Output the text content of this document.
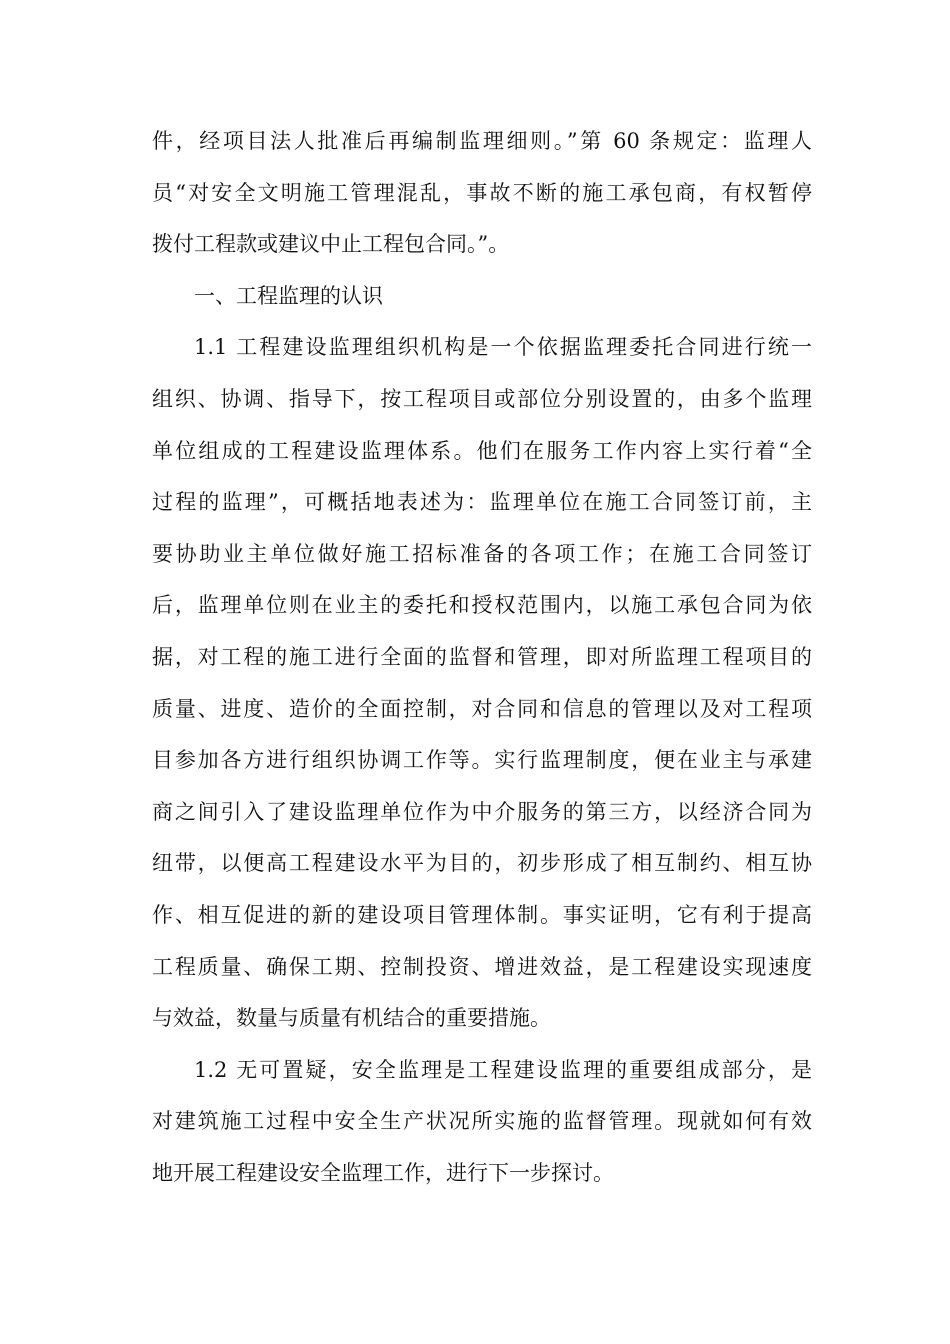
件，经项目法人批准后再编制监理细则。”第 60 条规定：监理人
员“对安全文明施工管理混乱，事故不断的施工承包商，有权暂停
拨付工程款或建议中止工程包合同。”。
一、工程监理的认识
1.1 工程建设监理组织机构是一个依据监理委托合同进行统一
组织、协调、指导下，按工程项目或部位分别设置的，由多个监理
单位组成的工程建设监理体系。他们在服务工作内容上实行着“全
过程的监理”，可概括地表述为：监理单位在施工合同签订前，主
要协助业主单位做好施工招标准备的各项工作；在施工合同签订
后，监理单位则在业主的委托和授权范围内，以施工承包合同为依
据，对工程的施工进行全面的监督和管理，即对所监理工程项目的
质量、进度、造价的全面控制，对合同和信息的管理以及对工程项
目参加各方进行组织协调工作等。实行监理制度，便在业主与承建
商之间引入了建设监理单位作为中介服务的第三方，以经济合同为
纽带，以便高工程建设水平为目的，初步形成了相互制约、相互协
作、相互促进的新的建设项目管理体制。事实证明，它有利于提高
工程质量、确保工期、控制投资、增进效益，是工程建设实现速度
与效益，数量与质量有机结合的重要措施。
1.2 无可置疑，安全监理是工程建设监理的重要组成部分，是
对建筑施工过程中安全生产状况所实施的监督管理。现就如何有效
地开展工程建设安全监理工作，进行下一步探讨。
